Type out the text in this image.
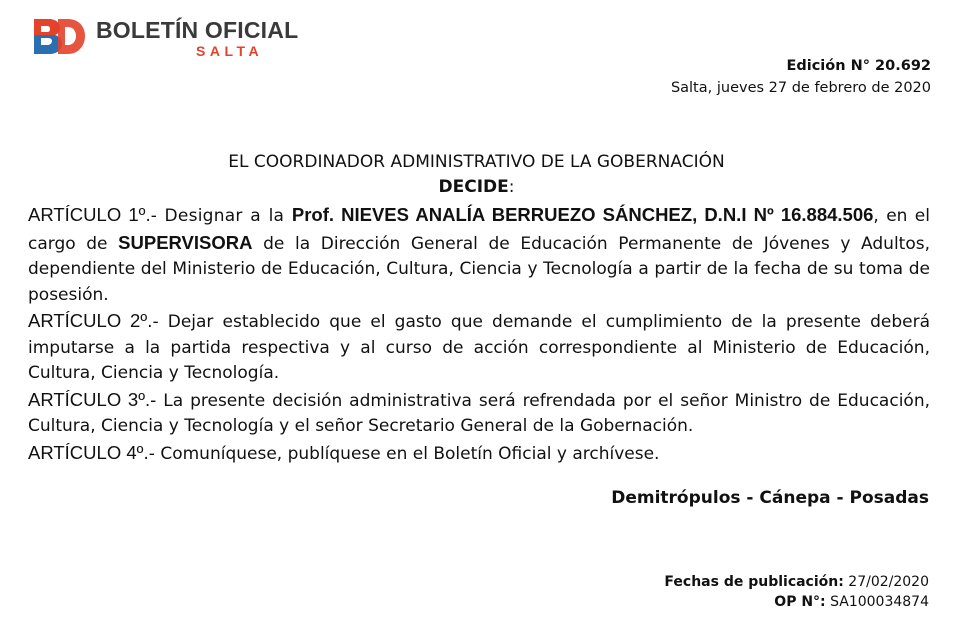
BOLETÍN OFICIAL
SALTA
Edición N° 20.692
Salta, jueves 27 de febrero de 2020
EL COORDINADOR ADMINISTRATIVO DE LA GOBERNACIÓN
DECIDE:
ARTÍCULO 1º.- Designar a la Prof. NIEVES ANALÍA BERRUEZO SÁNCHEZ, D.N.I Nº 16.884.506, en el cargo de SUPERVISORA de la Dirección General de Educación Permanente de Jóvenes y Adultos, dependiente del Ministerio de Educación, Cultura, Ciencia y Tecnología a partir de la fecha de su toma de posesión.
ARTÍCULO 2º.- Dejar establecido que el gasto que demande el cumplimiento de la presente deberá imputarse a la partida respectiva y al curso de acción correspondiente al Ministerio de Educación, Cultura, Ciencia y Tecnología.
ARTÍCULO 3º.- La presente decisión administrativa será refrendada por el señor Ministro de Educación, Cultura, Ciencia y Tecnología y el señor Secretario General de la Gobernación.
ARTÍCULO 4º.- Comuníquese, publíquese en el Boletín Oficial y archívese.
Demitrópulos - Cánepa - Posadas
Fechas de publicación: 27/02/2020
OP N°: SA100034874
